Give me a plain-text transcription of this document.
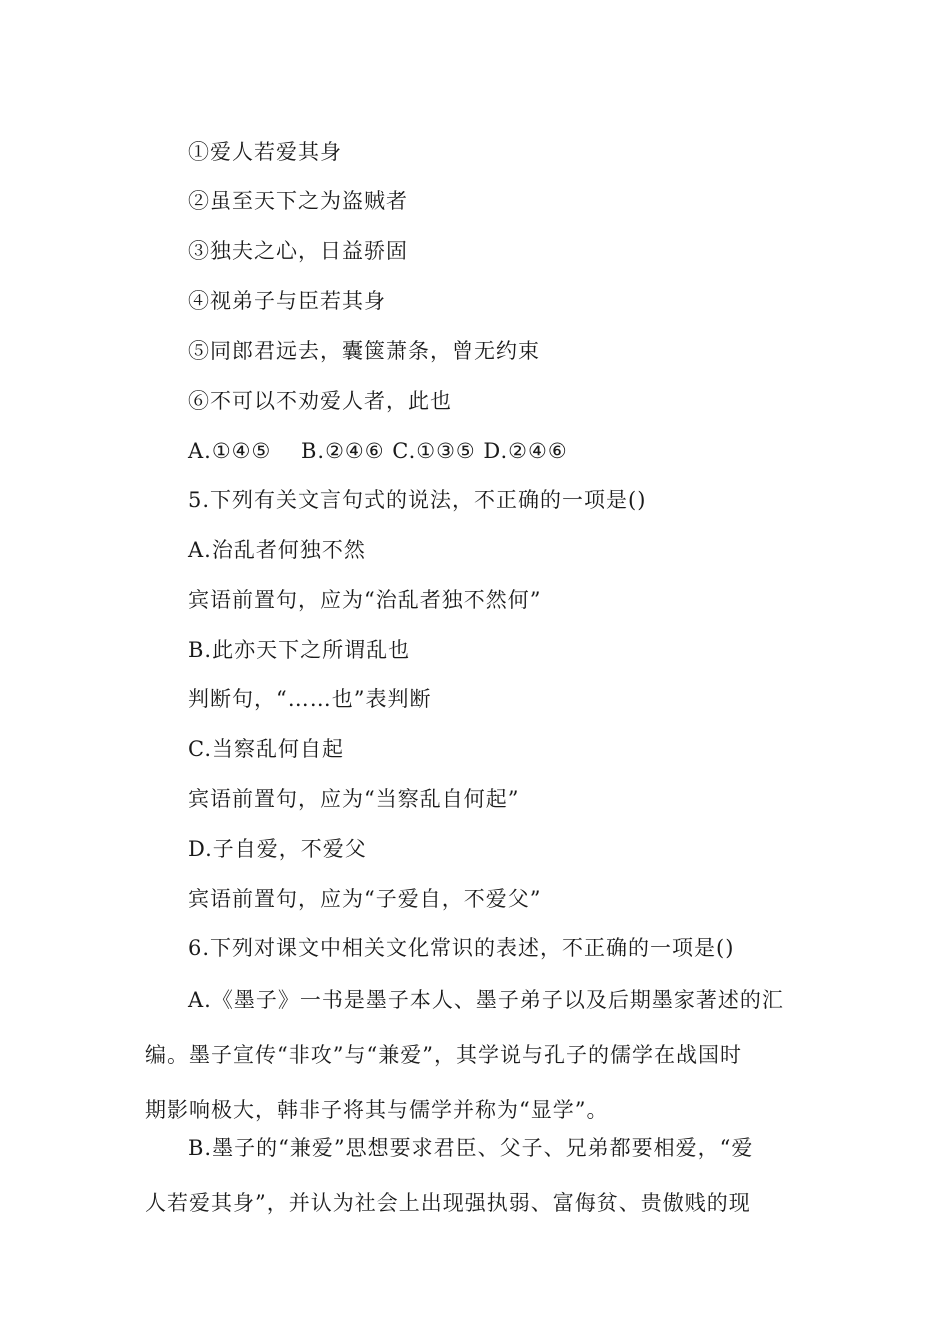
①爱人若爱其身
②虽至天下之为盗贼者
③独夫之心，日益骄固
④视弟子与臣若其身
⑤同郎君远去，囊箧萧条，曾无约束
⑥不可以不劝爱人者，此也
A.①④⑤　 B.②④⑥ C.①③⑤ D.②④⑥
5.下列有关文言句式的说法，不正确的一项是()
A.治乱者何独不然
宾语前置句，应为“治乱者独不然何”
B.此亦天下之所谓乱也
判断句，“……也”表判断
C.当察乱何自起
宾语前置句，应为“当察乱自何起”
D.子自爱，不爱父
宾语前置句，应为“子爱自，不爱父”
6.下列对课文中相关文化常识的表述，不正确的一项是()
A.《墨子》一书是墨子本人、墨子弟子以及后期墨家著述的汇
编。墨子宣传“非攻”与“兼爱”，其学说与孔子的儒学在战国时
期影响极大，韩非子将其与儒学并称为“显学”。
B.墨子的“兼爱”思想要求君臣、父子、兄弟都要相爱，“爱
人若爱其身”，并认为社会上出现强执弱、富侮贫、贵傲贱的现
